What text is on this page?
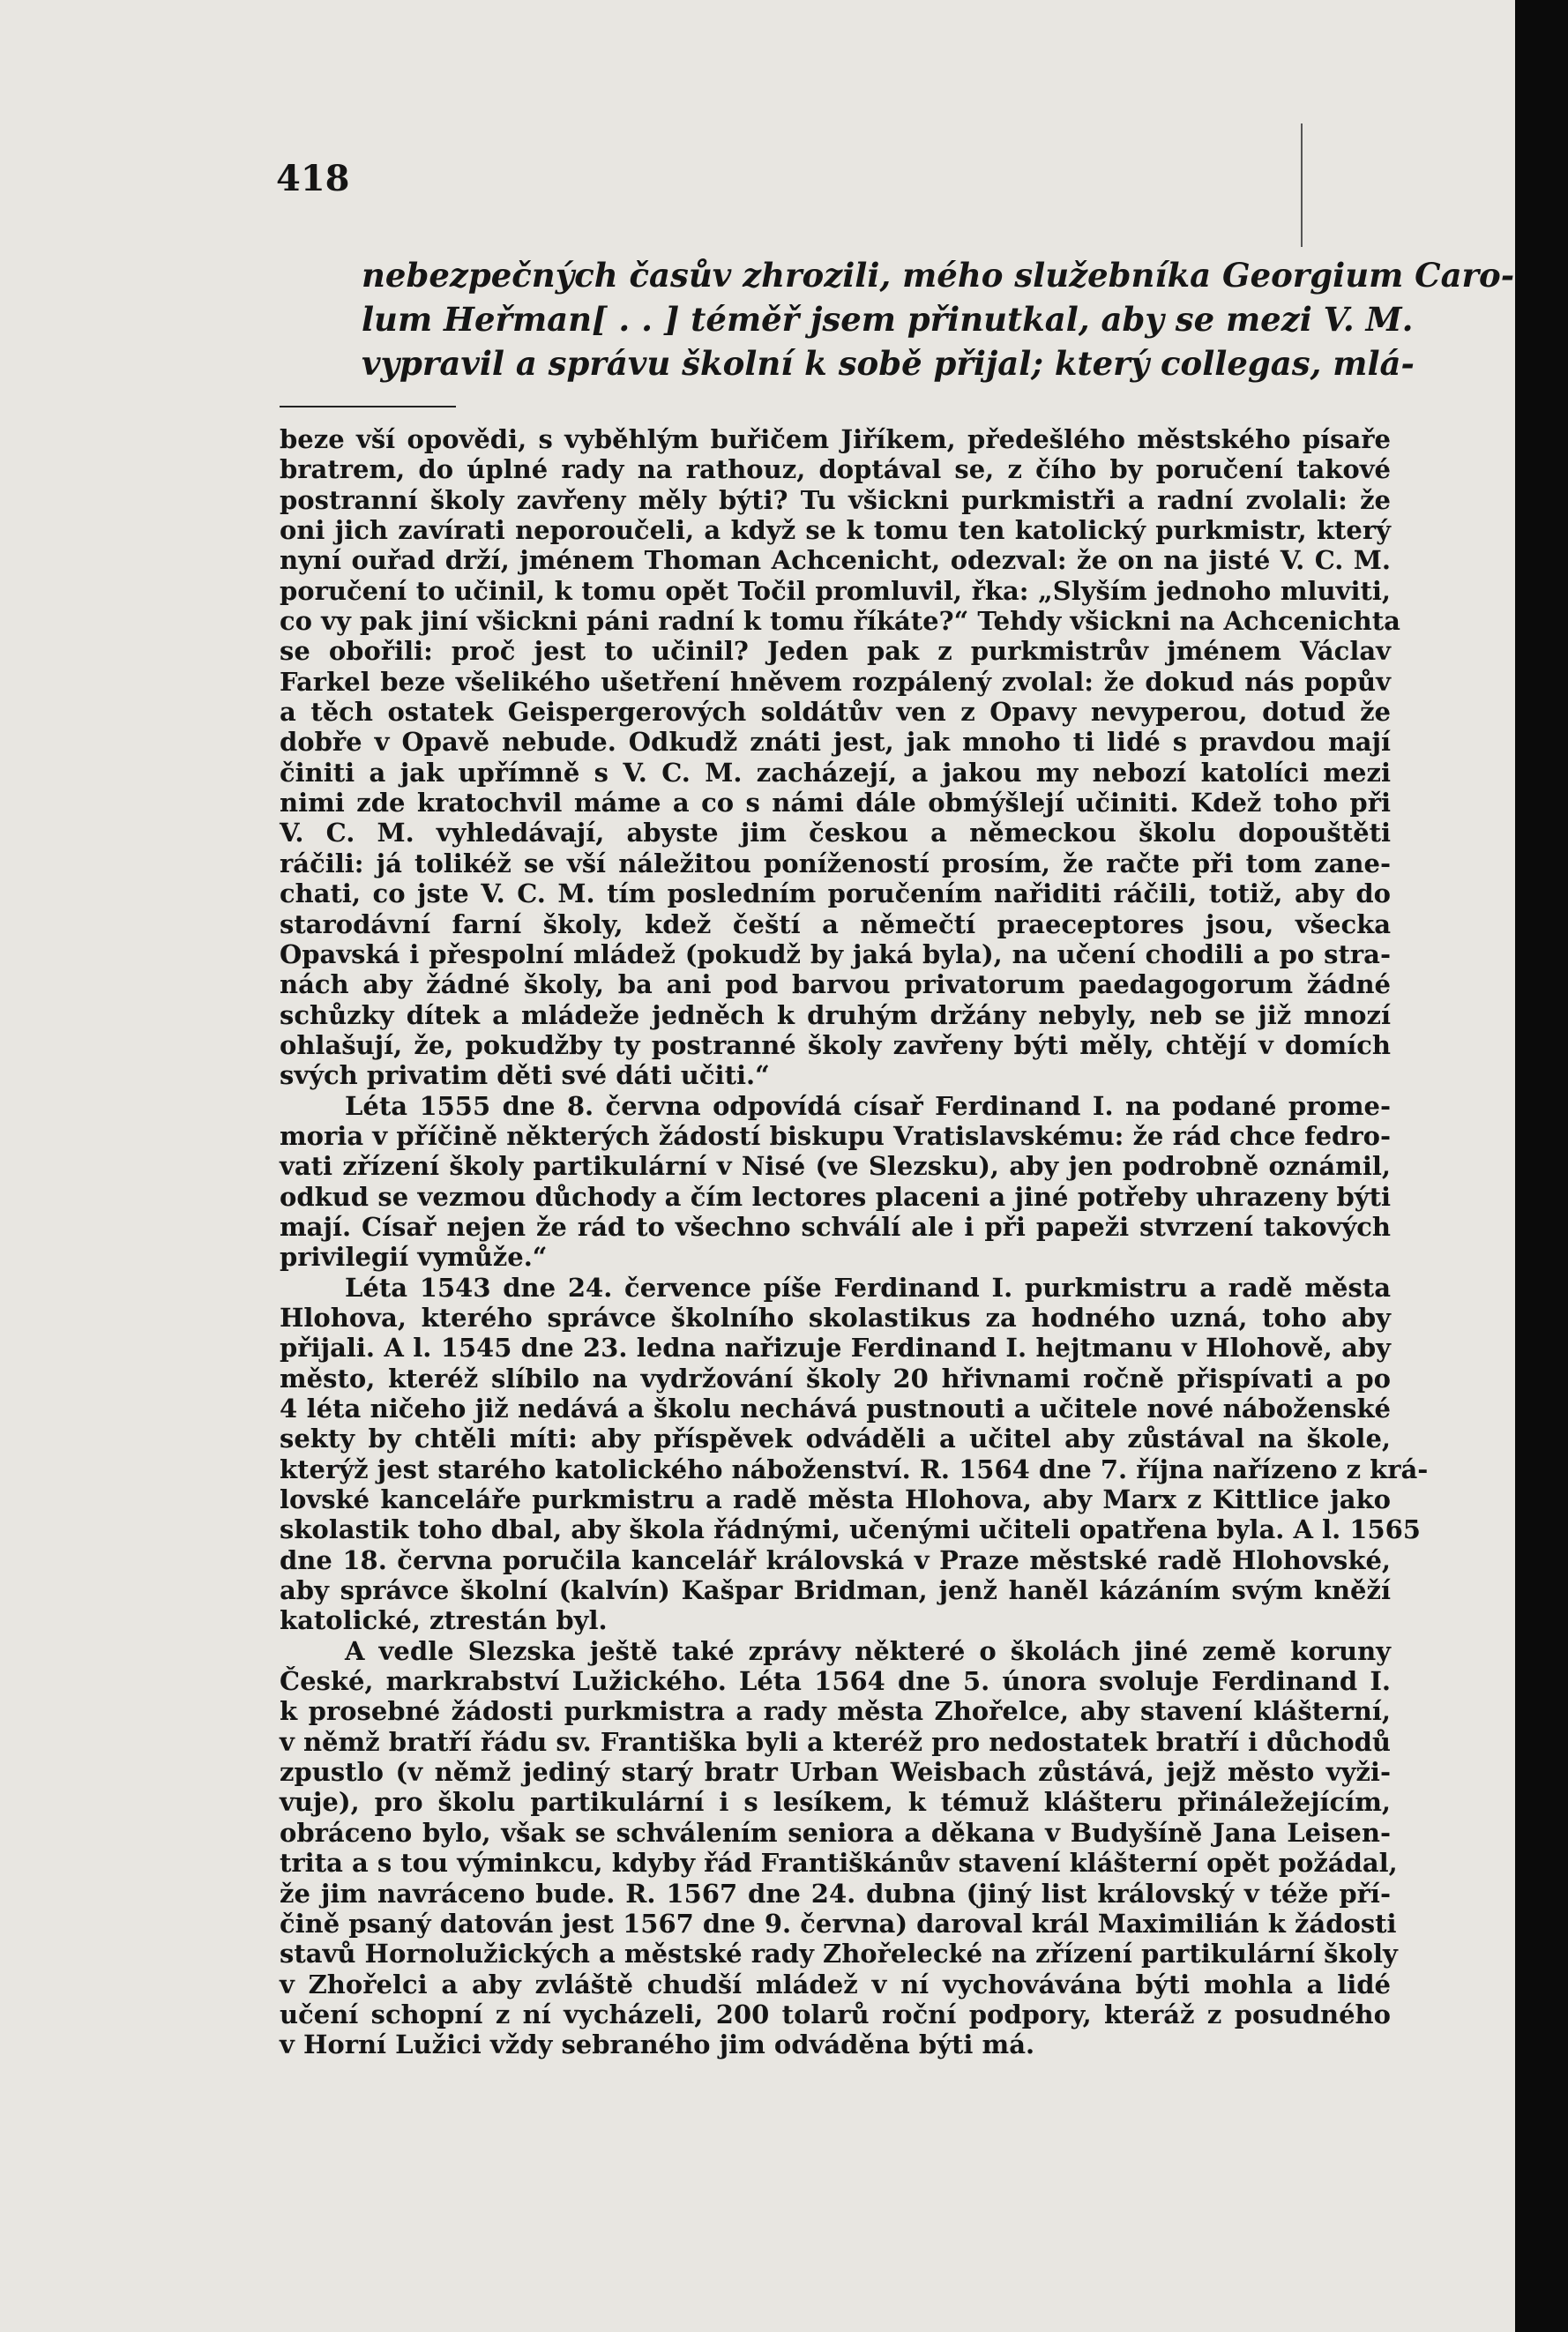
418
nebezpečných časův zhrozili, mého služebníka Georgium Caro-
lum Heřman[ . . ] téměř jsem přinutkal, aby se mezi V. M.
vypravil a správu školní k sobě přijal; který collegas, mlá-
beze vší opovědi, s vyběhlým buřičem Jiříkem, předešlého městského písaře
bratrem, do úplné rady na rathouz, doptával se, z čího by poručení takové
postranní školy zavřeny měly býti? Tu všickni purkmistři a radní zvolali: že
oni jich zavírati neporoučeli, a když se k tomu ten katolický purkmistr, který
nyní ouřad drží, jménem Thoman Achcenicht, odezval: že on na jisté V. C. M.
poručení to učinil, k tomu opět Točil promluvil, řka: „Slyším jednoho mluviti,
co vy pak jiní všickni páni radní k tomu říkáte?“ Tehdy všickni na Achcenichta
se obořili: proč jest to učinil? Jeden pak z purkmistrův jménem Václav
Farkel beze všelikého ušetření hněvem rozpálený zvolal: že dokud nás popův
a těch ostatek Geispergerových soldátův ven z Opavy nevyperou, dotud že
dobře v Opavě nebude. Odkudž znáti jest, jak mnoho ti lidé s pravdou mají
činiti a jak upřímně s V. C. M. zacházejí, a jakou my nebozí katolíci mezi
nimi zde kratochvil máme a co s námi dále obmýšlejí učiniti. Kdež toho při
V. C. M. vyhledávají, abyste jim českou a německou školu dopouštěti
ráčili: já tolikéž se vší náležitou ponížeností prosím, že račte při tom zane-
chati, co jste V. C. M. tím posledním poručením nařiditi ráčili, totiž, aby do
starodávní farní školy, kdež čeští a němečtí praeceptores jsou, všecka
Opavská i přespolní mládež (pokudž by jaká byla), na učení chodili a po stra-
nách aby žádné školy, ba ani pod barvou privatorum paedagogorum žádné
schůzky dítek a mládeže jedněch k druhým držány nebyly, neb se již mnozí
ohlašují, že, pokudžby ty postranné školy zavřeny býti měly, chtějí v domích
svých privatim děti své dáti učiti.“
Léta 1555 dne 8. června odpovídá císař Ferdinand I. na podané prome-
moria v příčině některých žádostí biskupu Vratislavskému: že rád chce fedro-
vati zřízení školy partikulární v Nisé (ve Slezsku), aby jen podrobně oznámil,
odkud se vezmou důchody a čím lectores placeni a jiné potřeby uhrazeny býti
mají. Císař nejen že rád to všechno schválí ale i při papeži stvrzení takových
privilegií vymůže.“
Léta 1543 dne 24. července píše Ferdinand I. purkmistru a radě města
Hlohova, kterého správce školního skolastikus za hodného uzná, toho aby
přijali. A l. 1545 dne 23. ledna nařizuje Ferdinand I. hejtmanu v Hlohově, aby
město, kteréž slíbilo na vydržování školy 20 hřivnami ročně přispívati a po
4 léta ničeho již nedává a školu nechává pustnouti a učitele nové náboženské
sekty by chtěli míti: aby příspěvek odváděli a učitel aby zůstával na škole,
kterýž jest starého katolického náboženství. R. 1564 dne 7. října nařízeno z krá-
lovské kanceláře purkmistru a radě města Hlohova, aby Marx z Kittlice jako
skolastik toho dbal, aby škola řádnými, učenými učiteli opatřena byla. A l. 1565
dne 18. června poručila kancelář královská v Praze městské radě Hlohovské,
aby správce školní (kalvín) Kašpar Bridman, jenž haněl kázáním svým kněží
katolické, ztrestán byl.
A vedle Slezska ještě také zprávy některé o školách jiné země koruny
České, markrabství Lužického. Léta 1564 dne 5. února svoluje Ferdinand I.
k prosebné žádosti purkmistra a rady města Zhořelce, aby stavení klášterní,
v němž bratří řádu sv. Františka byli a kteréž pro nedostatek bratří i důchodů
zpustlo (v němž jediný starý bratr Urban Weisbach zůstává, jejž město vyži-
vuje), pro školu partikulární i s lesíkem, k témuž klášteru přináležejícím,
obráceno bylo, však se schválením seniora a děkana v Budyšíně Jana Leisen-
trita a s tou výminkcu, kdyby řád Františkánův stavení klášterní opět požádal,
že jim navráceno bude. R. 1567 dne 24. dubna (jiný list královský v téže pří-
čině psaný datován jest 1567 dne 9. června) daroval král Maximilián k žádosti
stavů Hornolužických a městské rady Zhořelecké na zřízení partikulární školy
v Zhořelci a aby zvláště chudší mládež v ní vychovávána býti mohla a lidé
učení schopní z ní vycházeli, 200 tolarů roční podpory, kteráž z posudného
v Horní Lužici vždy sebraného jim odváděna býti má.
